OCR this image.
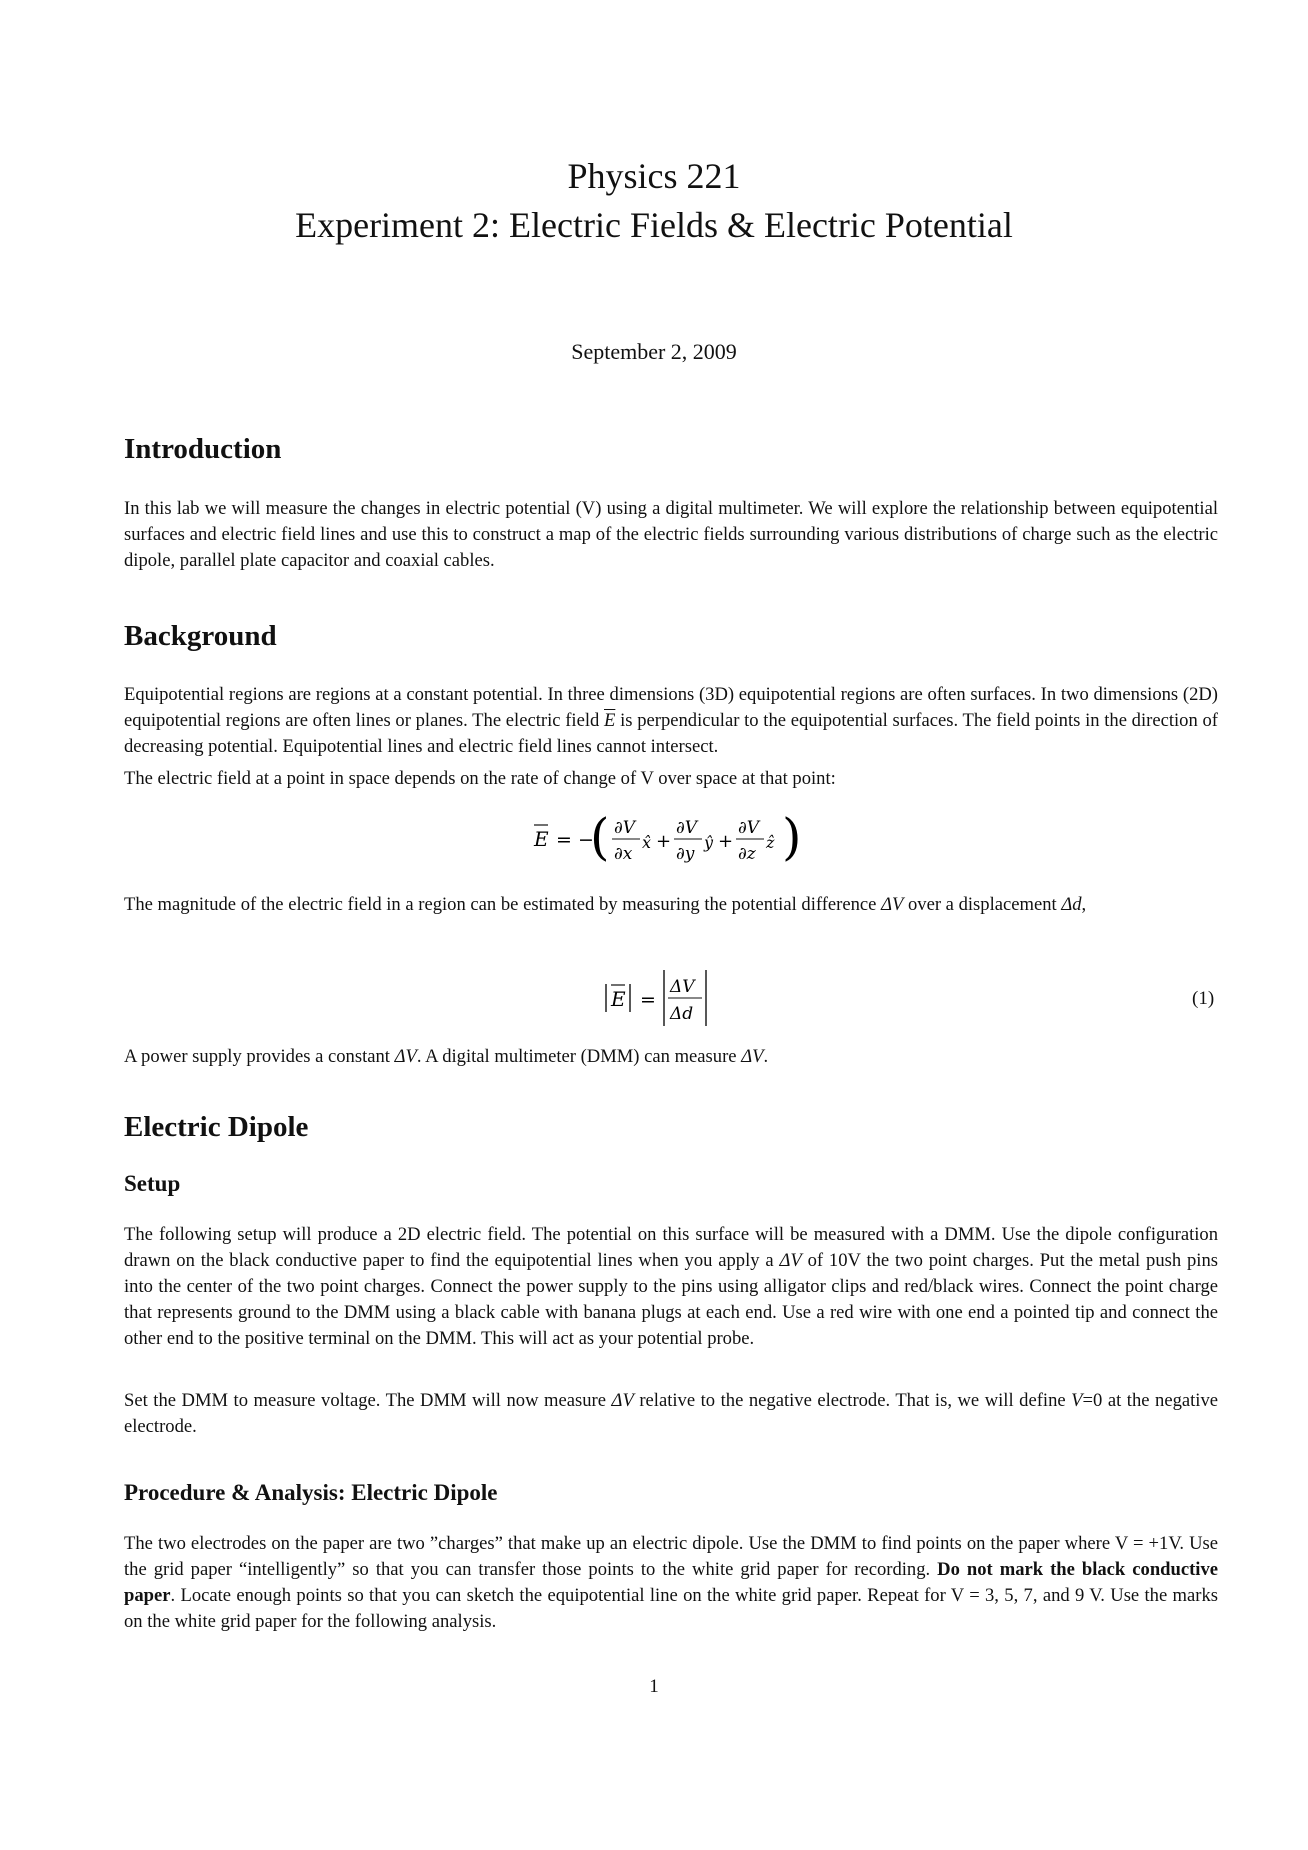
Physics 221
Experiment 2: Electric Fields & Electric Potential
September 2, 2009
Introduction

In this lab we will measure the changes in electric potential (V) using a digital multimeter. We will explore the relationship between equipotential surfaces and electric field lines and use this to construct a map of the electric fields surrounding various distributions of charge such as the electric dipole, parallel plate capacitor and coaxial cables.

Background

Equipotential regions are regions at a constant potential. In three dimensions (3D) equipotential regions are often surfaces. In two dimensions (2D) equipotential regions are often lines or planes. The electric field $\overline{E}$ is perpendicular to the equipotential surfaces. The field points in the direction of decreasing potential. Equipotential lines and electric field lines cannot intersect.

The electric field at a point in space depends on the rate of change of V over space at that point:

E = −
( ∂V
∂x
x̂ +
∂V
∂y
ŷ +
∂V
∂z
ẑ )

The magnitude of the electric field in a region can be estimated by measuring the potential difference ΔV over a displacement Δd,

E =
ΔV
Δd
(1)

A power supply provides a constant ΔV. A digital multimeter (DMM) can measure ΔV.

Electric Dipole
Setup

The following setup will produce a 2D electric field. The potential on this surface will be measured with a DMM. Use the dipole configuration drawn on the black conductive paper to find the equipotential lines when you apply a ΔV of 10V the two point charges. Put the metal push pins into the center of the two point charges. Connect the power supply to the pins using alligator clips and red/black wires. Connect the point charge that represents ground to the DMM using a black cable with banana plugs at each end. Use a red wire with one end a pointed tip and connect the other end to the positive terminal on the DMM. This will act as your potential probe.

Set the DMM to measure voltage. The DMM will now measure ΔV relative to the negative electrode. That is, we will define V=0 at the negative electrode.

Procedure & Analysis: Electric Dipole

The two electrodes on the paper are two ”charges” that make up an electric dipole. Use the DMM to find points on the paper where V = +1V. Use the grid paper “intelligently” so that you can transfer those points to the white grid paper for recording. Do not mark the black conductive paper. Locate enough points so that you can sketch the equipotential line on the white grid paper. Repeat for V = 3, 5, 7, and 9 V. Use the marks on the white grid paper for the following analysis.

1
